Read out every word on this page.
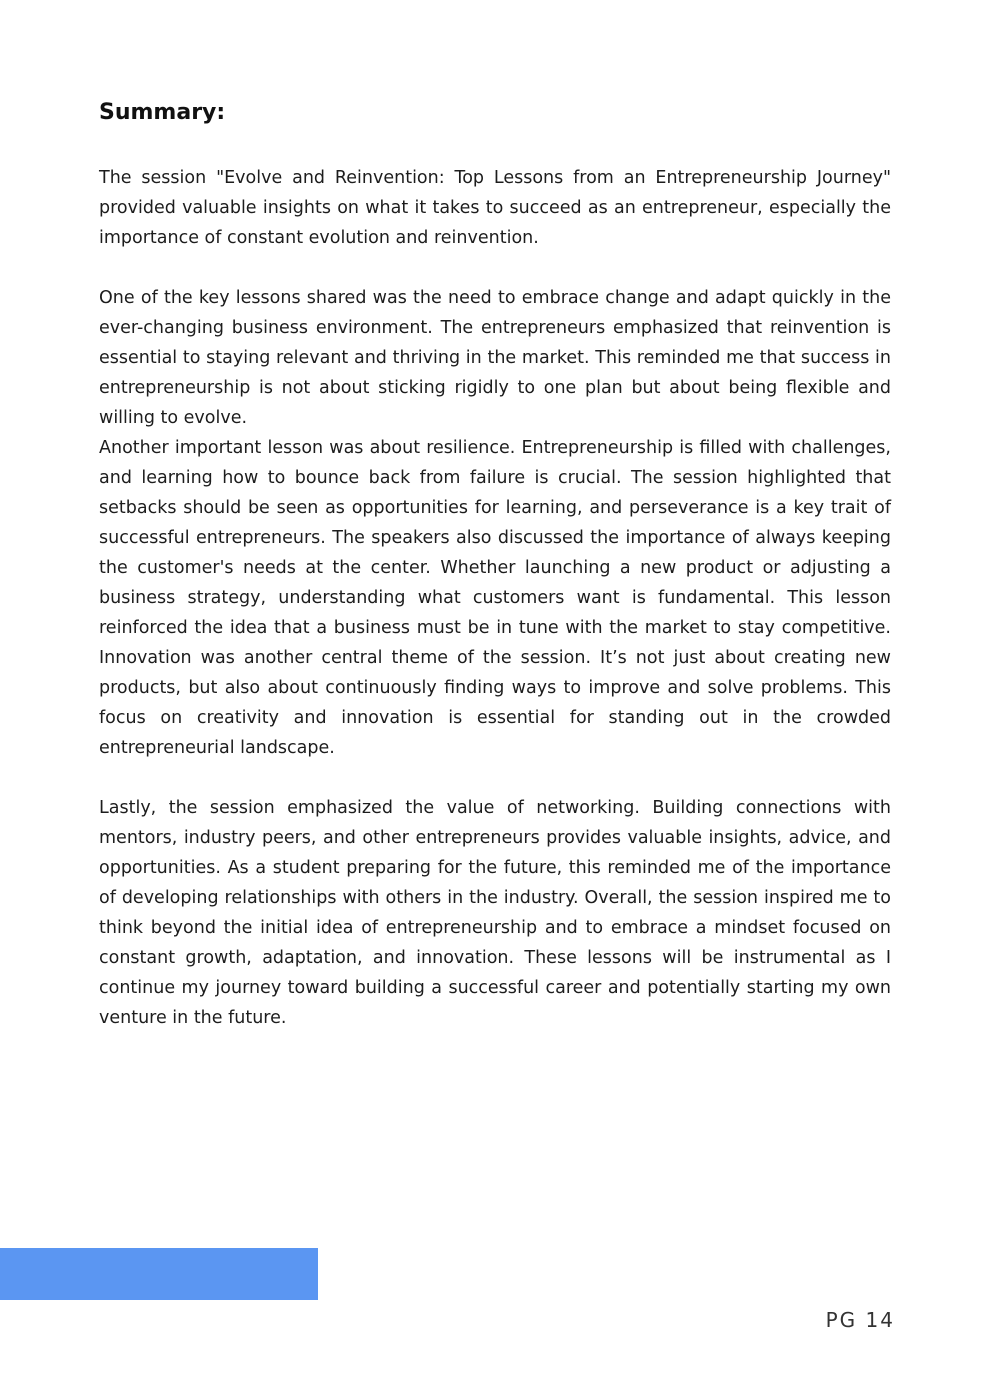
Summary:

The session "Evolve and Reinvention: Top Lessons from an Entrepreneurship Journey" provided valuable insights on what it takes to succeed as an entrepreneur, especially the importance of constant evolution and reinvention.

One of the key lessons shared was the need to embrace change and adapt quickly in the ever-changing business environment. The entrepreneurs emphasized that reinvention is essential to staying relevant and thriving in the market. This reminded me that success in entrepreneurship is not about sticking rigidly to one plan but about being flexible and willing to evolve.

Another important lesson was about resilience. Entrepreneurship is filled with challenges, and learning how to bounce back from failure is crucial. The session highlighted that setbacks should be seen as opportunities for learning, and perseverance is a key trait of successful entrepreneurs. The speakers also discussed the importance of always keeping the customer's needs at the center. Whether launching a new product or adjusting a business strategy, understanding what customers want is fundamental. This lesson reinforced the idea that a business must be in tune with the market to stay competitive. Innovation was another central theme of the session. It’s not just about creating new products, but also about continuously finding ways to improve and solve problems. This focus on creativity and innovation is essential for standing out in the crowded entrepreneurial landscape.

Lastly, the session emphasized the value of networking. Building connections with mentors, industry peers, and other entrepreneurs provides valuable insights, advice, and opportunities. As a student preparing for the future, this reminded me of the importance of developing relationships with others in the industry. Overall, the session inspired me to think beyond the initial idea of entrepreneurship and to embrace a mindset focused on constant growth, adaptation, and innovation. These lessons will be instrumental as I continue my journey toward building a successful career and potentially starting my own venture in the future.

PG 14
